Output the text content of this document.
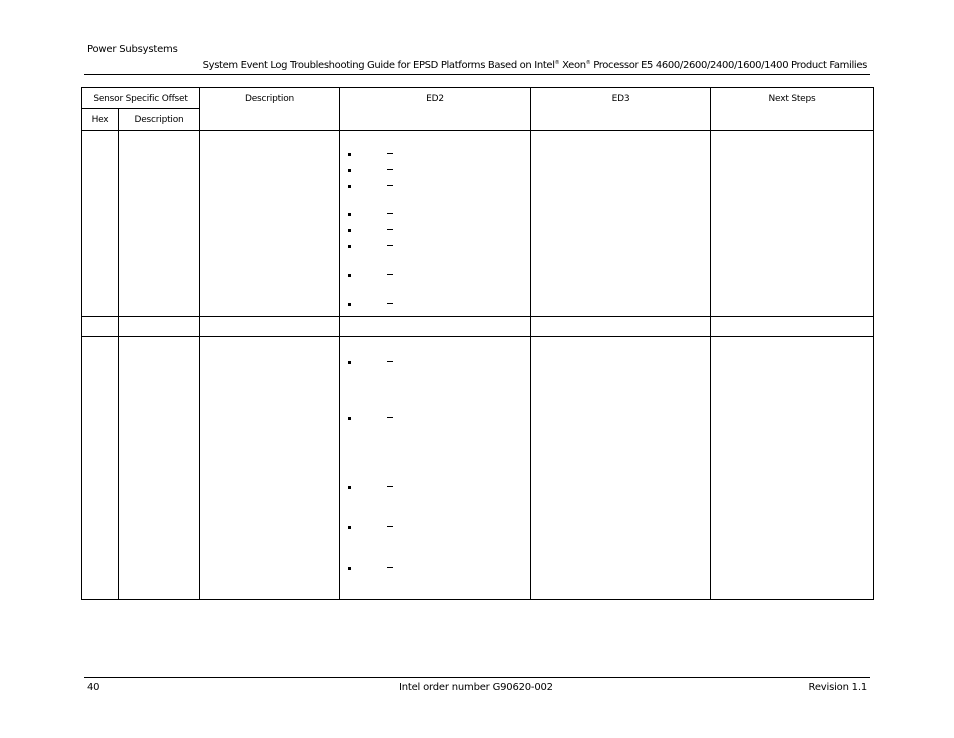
Power Subsystems
System Event Log Troubleshooting Guide for EPSD Platforms Based on Intel® Xeon® Processor E5 4600/2600/2400/1600/1400 Product Families
Sensor Specific Offset		Description	ED2	ED3	Next Steps
Hex	Description				

40	Intel order number G90620-002	Revision 1.1
